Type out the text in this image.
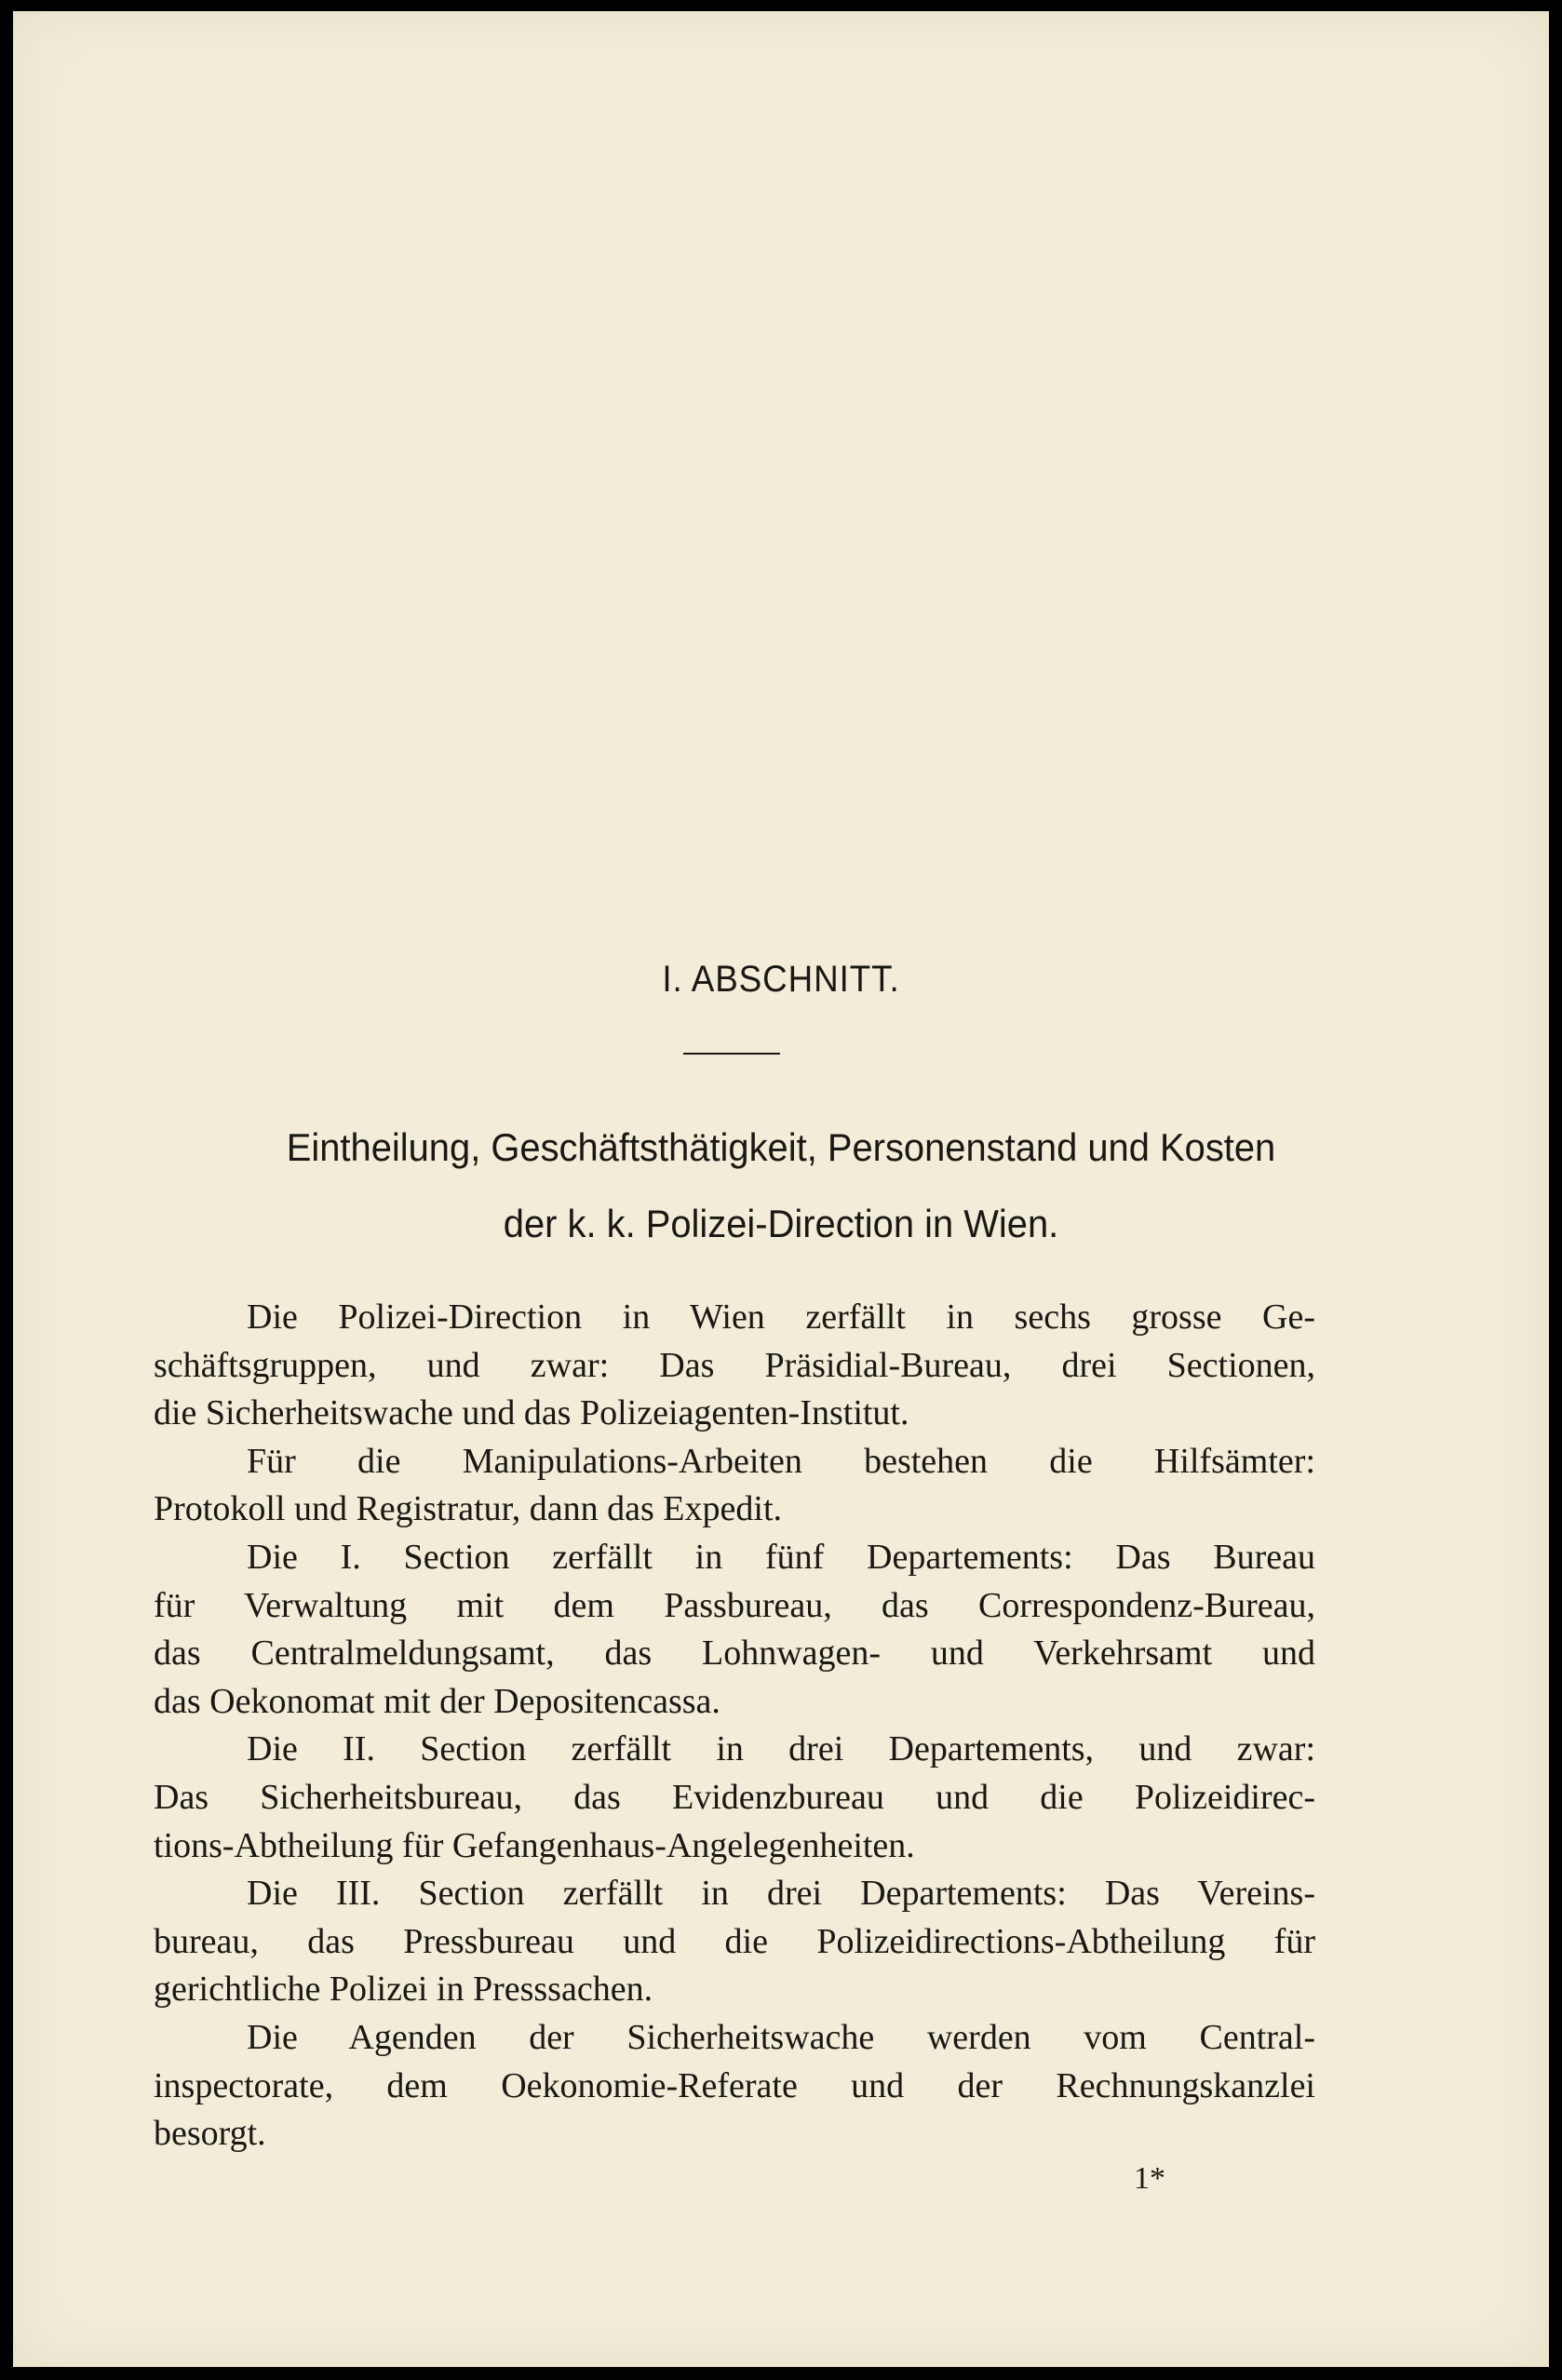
I. ABSCHNITT.
Eintheilung, Geschäftsthätigkeit, Personenstand und Kosten
der k. k. Polizei-Direction in Wien.
Die Polizei-Direction in Wien zerfällt in sechs grosse Ge-
schäftsgruppen, und zwar: Das Präsidial-Bureau, drei Sectionen,
die Sicherheitswache und das Polizeiagenten-Institut.
Für die Manipulations-Arbeiten bestehen die Hilfsämter:
Protokoll und Registratur, dann das Expedit.
Die I. Section zerfällt in fünf Departements: Das Bureau
für Verwaltung mit dem Passbureau, das Correspondenz-Bureau,
das Centralmeldungsamt, das Lohnwagen- und Verkehrsamt und
das Oekonomat mit der Depositencassa.
Die II. Section zerfällt in drei Departements, und zwar:
Das Sicherheitsbureau, das Evidenzbureau und die Polizeidirec-
tions-Abtheilung für Gefangenhaus-Angelegenheiten.
Die III. Section zerfällt in drei Departements: Das Vereins-
bureau, das Pressbureau und die Polizeidirections-Abtheilung für
gerichtliche Polizei in Presssachen.
Die Agenden der Sicherheitswache werden vom Central-
inspectorate, dem Oekonomie-Referate und der Rechnungskanzlei
besorgt.
1*
